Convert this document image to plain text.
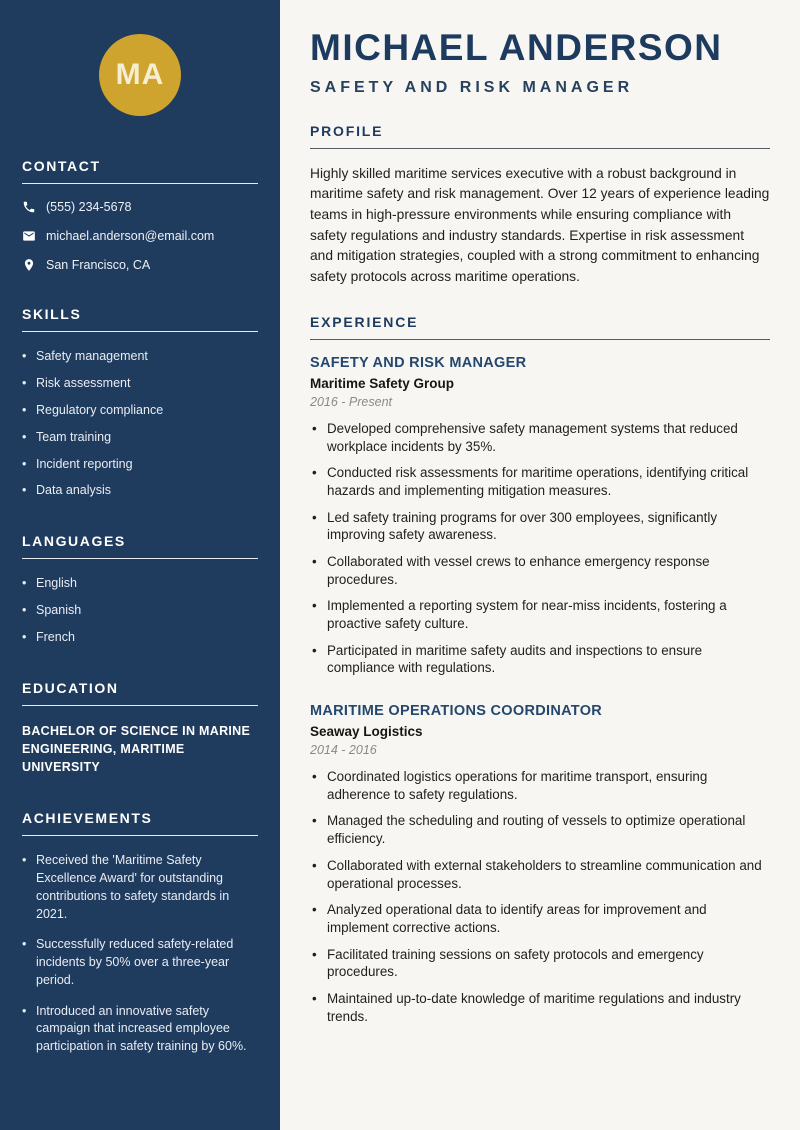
MA
CONTACT
(555) 234-5678
michael.anderson@email.com
San Francisco, CA
SKILLS
• Safety management
• Risk assessment
• Regulatory compliance
• Team training
• Incident reporting
• Data analysis
LANGUAGES
• English
• Spanish
• French
EDUCATION
BACHELOR OF SCIENCE IN MARINE ENGINEERING, MARITIME UNIVERSITY
ACHIEVEMENTS
• Received the 'Maritime Safety Excellence Award' for outstanding contributions to safety standards in 2021.
• Successfully reduced safety-related incidents by 50% over a three-year period.
• Introduced an innovative safety campaign that increased employee participation in safety training by 60%.
MICHAEL ANDERSON
SAFETY AND RISK MANAGER
PROFILE

Highly skilled maritime services executive with a robust background in maritime safety and risk management. Over 12 years of experience leading teams in high-pressure environments while ensuring compliance with safety regulations and industry standards. Expertise in risk assessment and mitigation strategies, coupled with a strong commitment to enhancing safety protocols across maritime operations.

EXPERIENCE
SAFETY AND RISK MANAGER
Maritime Safety Group
2016 - Present
• Developed comprehensive safety management systems that reduced workplace incidents by 35%.
• Conducted risk assessments for maritime operations, identifying critical hazards and implementing mitigation measures.
• Led safety training programs for over 300 employees, significantly improving safety awareness.
• Collaborated with vessel crews to enhance emergency response procedures.
• Implemented a reporting system for near-miss incidents, fostering a proactive safety culture.
• Participated in maritime safety audits and inspections to ensure compliance with regulations.
MARITIME OPERATIONS COORDINATOR
Seaway Logistics
2014 - 2016
• Coordinated logistics operations for maritime transport, ensuring adherence to safety regulations.
• Managed the scheduling and routing of vessels to optimize operational efficiency.
• Collaborated with external stakeholders to streamline communication and operational processes.
• Analyzed operational data to identify areas for improvement and implement corrective actions.
• Facilitated training sessions on safety protocols and emergency procedures.
• Maintained up-to-date knowledge of maritime regulations and industry trends.
